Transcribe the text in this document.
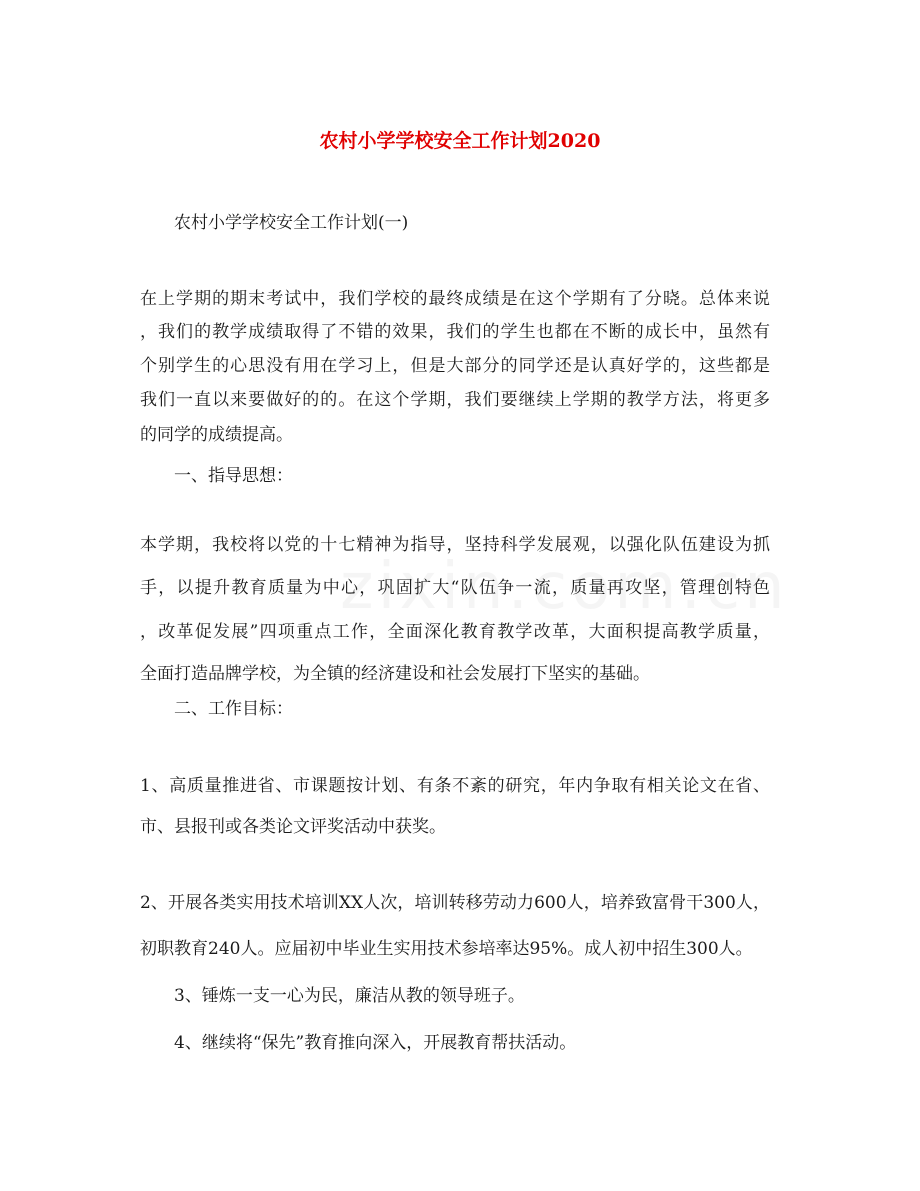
农村小学学校安全工作计划2020

农村小学学校安全工作计划(一)

在上学期的期末考试中，我们学校的最终成绩是在这个学期有了分晓。总体来说

，我们的教学成绩取得了不错的效果，我们的学生也都在不断的成长中，虽然有

个别学生的心思没有用在学习上，但是大部分的同学还是认真好学的，这些都是

我们一直以来要做好的的。在这个学期，我们要继续上学期的教学方法，将更多

的同学的成绩提高。

一、指导思想：

本学期，我校将以党的十七精神为指导，坚持科学发展观，以强化队伍建设为抓

手，以提升教育质量为中心，巩固扩大“队伍争一流，质量再攻坚，管理创特色

，改革促发展”四项重点工作，全面深化教育教学改革，大面积提高教学质量，

全面打造品牌学校，为全镇的经济建设和社会发展打下坚实的基础。

二、工作目标：

1、高质量推进省、市课题按计划、有条不紊的研究，年内争取有相关论文在省、

市、县报刊或各类论文评奖活动中获奖。

2、开展各类实用技术培训XX人次，培训转移劳动力600人，培养致富骨干300人，

初职教育240人。应届初中毕业生实用技术参培率达95%。成人初中招生300人。

3、锤炼一支一心为民，廉洁从教的领导班子。

4、继续将“保先”教育推向深入，开展教育帮扶活动。
